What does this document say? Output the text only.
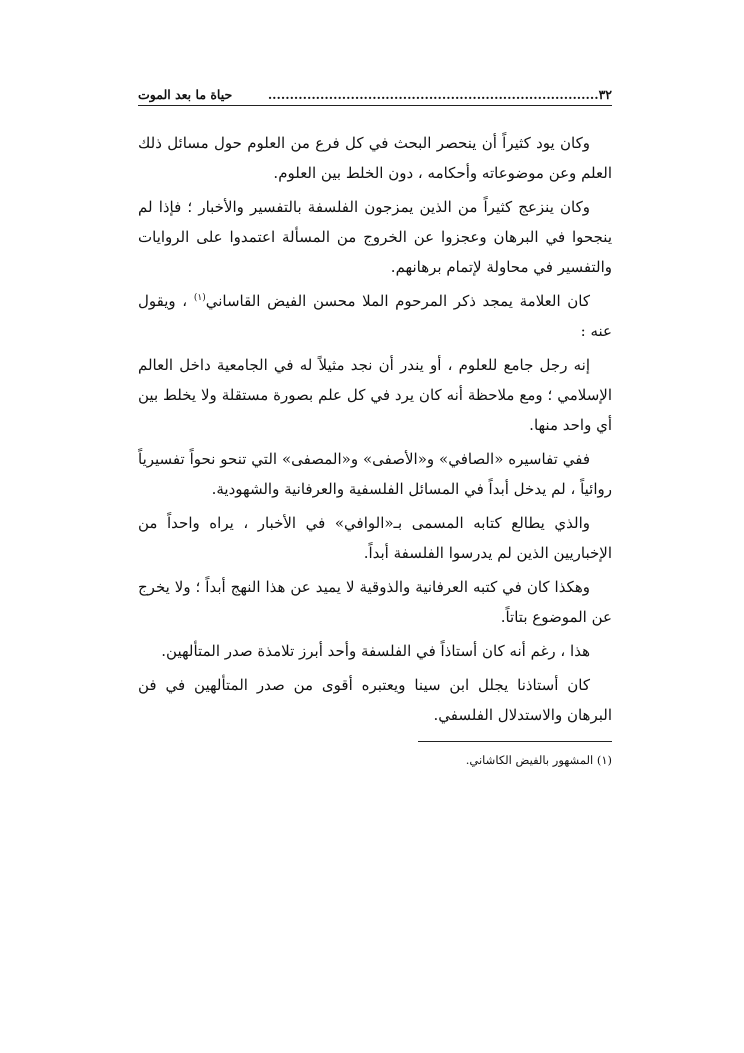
٣٢............................................................................
حياة ما بعد الموت

وكان يود كثيراً أن ينحصر البحث في كل فرع من العلوم حول مسائل ذلك العلم وعن موضوعاته وأحكامه ، دون الخلط بين العلوم.

وكان ينزعج كثيراً من الذين يمزجون الفلسفة بالتفسير والأخبار ؛ فإذا لم ينجحوا في البرهان وعجزوا عن الخروج من المسألة اعتمدوا على الروايات والتفسير في محاولة لإتمام برهانهم.

كان العلامة يمجد ذكر المرحوم الملا محسن الفيض القاساني$^{(١)}$ ، ويقول عنه :

إنه رجل جامع للعلوم ، أو يندر أن نجد مثيلاً له في الجامعية داخل العالم الإسلامي ؛ ومع ملاحظة أنه كان يرد في كل علم بصورة مستقلة ولا يخلط بين أي واحد منها.

ففي تفاسيره «الصافي» و«الأصفى» و«المصفى» التي تنحو نحواً تفسيرياً روائياً ، لم يدخل أبداً في المسائل الفلسفية والعرفانية والشهودية.

والذي يطالع كتابه المسمى بـ«الوافي» في الأخبار ، يراه واحداً من الإخباريين الذين لم يدرسوا الفلسفة أبداً.

وهكذا كان في كتبه العرفانية والذوقية لا يميد عن هذا النهج أبداً ؛ ولا يخرج عن الموضوع بتاتاً.

هذا ، رغم أنه كان أستاذاً في الفلسفة وأحد أبرز تلامذة صدر المتألهين.

كان أستاذنا يجلل ابن سينا ويعتبره أقوى من صدر المتألهين في فن البرهان والاستدلال الفلسفي.

(١) المشهور بالفيض الكاشاني.
